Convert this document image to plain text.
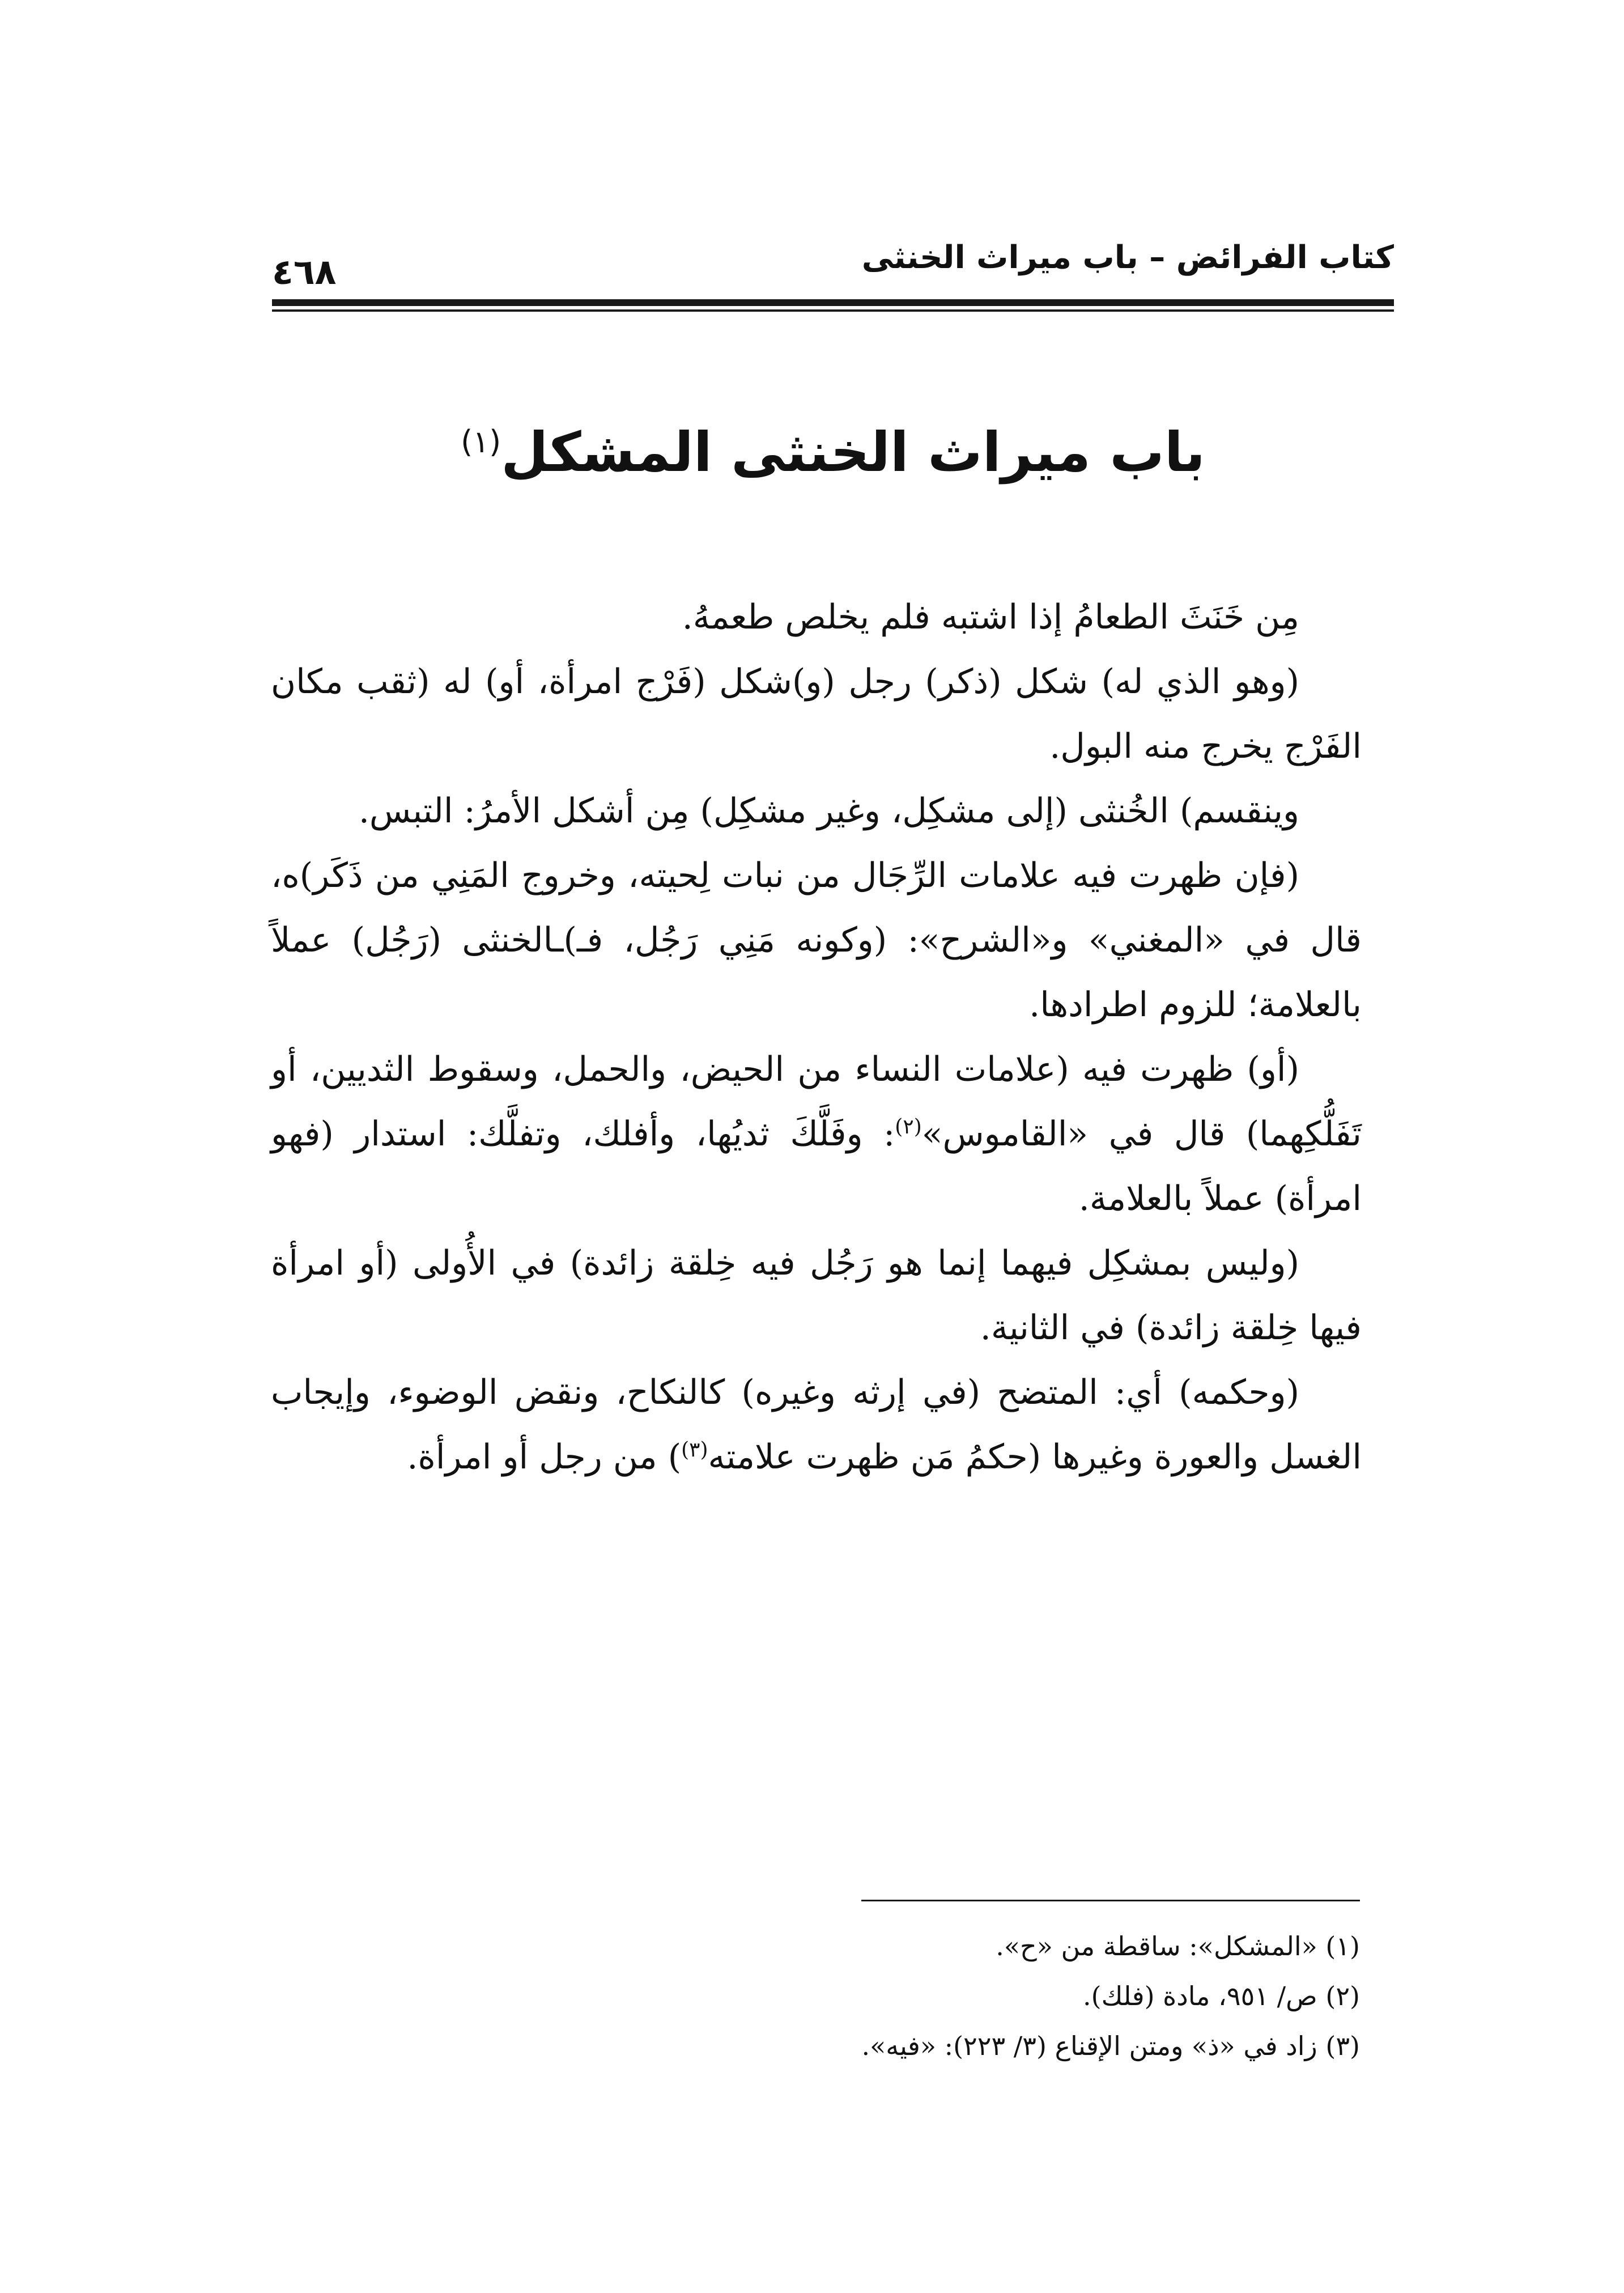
كتاب الفرائض – باب ميراث الخنثى
٤٦٨
باب ميراث الخنثى المشكل$^{(١)}$

مِن خَنَثَ الطعامُ إذا اشتبه فلم يخلص طعمهُ.

(وهو الذي له) شكل (ذكر) رجل (و)شكل (فَرْج امرأة، أو) له (ثقب مكان الفَرْج يخرج منه البول.

وينقسم) الخُنثى (إلى مشكِل، وغير مشكِل) مِن أشكل الأمرُ: التبس.

(فإن ظهرت فيه علامات الرِّجَال من نبات لِحيته، وخروج المَنِي من ذَكَر)ه، قال في «المغني» و«الشرح»: (وكونه مَنِي رَجُل، فـ)ـالخنثى (رَجُل) عملاً بالعلامة؛ للزوم اطرادها.

(أو) ظهرت فيه (علامات النساء من الحيض، والحمل، وسقوط الثديين، أو تَفَلُّكِهما) قال في «القاموس»$^{(٢)}$: وفَلَّكَ ثديُها، وأفلك، وتفلَّك: استدار (فهو امرأة) عملاً بالعلامة.

(وليس بمشكِل فيهما إنما هو رَجُل فيه خِلقة زائدة) في الأُولى (أو امرأة فيها خِلقة زائدة) في الثانية.

(وحكمه) أي: المتضح (في إرثه وغيره) كالنكاح، ونقض الوضوء، وإيجاب الغسل والعورة وغيرها (حكمُ مَن ظهرت علامته$^{(٣)}$) من رجل أو امرأة.

(١) «المشكل»: ساقطة من «ح».

(٢) ص/ ٩٥١، مادة (فلك).

(٣) زاد في «ذ» ومتن الإقناع (٣/ ٢٢٣): «فيه».
